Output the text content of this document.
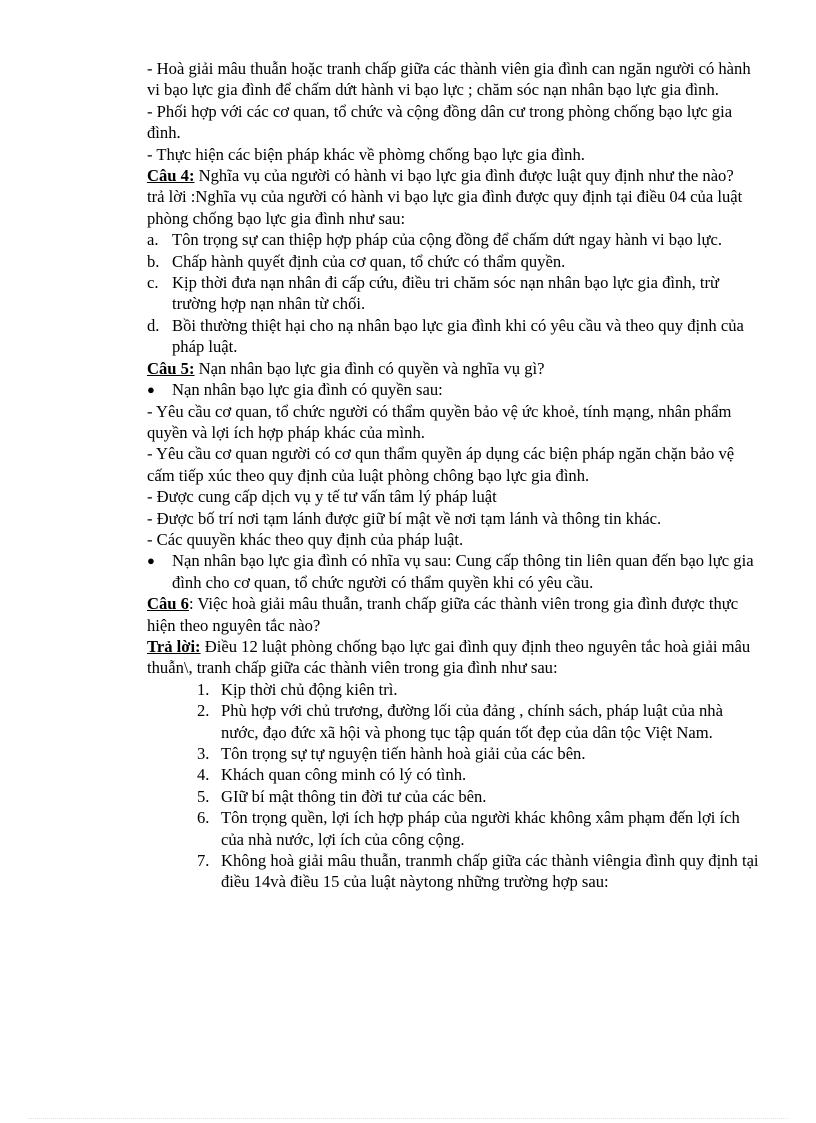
- Hoà giải mâu thuẫn hoặc tranh chấp giữa các thành viên gia đình can ngăn người có hành vi bạo lực gia đình để chấm dứt hành vi bạo lực ; chăm sóc nạn nhân bạo lực gia đình.

- Phối hợp với các cơ quan, tổ chức và cộng đồng dân cư trong phòng chống bạo lực gia đình.

- Thực hiện các biện pháp khác về phòmg chống bạo lực gia đình.

Câu 4: Nghĩa vụ của người có hành vi bạo lực gia đình được luật quy định như the nào?

trả lời :Nghĩa vụ của người có hành vi bạo lực gia đình được quy định tại điều 04 của luật phòng chống bạo lực gia đình như sau:

a. Tôn trọng sự can thiệp hợp pháp của cộng đồng để chấm dứt ngay hành vi bạo lực.
b. Chấp hành quyết định của cơ quan, tổ chức có thẩm quyền.
c. Kịp thời đưa nạn nhân đi cấp cứu, điều tri chăm sóc nạn nhân bạo lực gia đình, trừ trường hợp nạn nhân từ chối.
d. Bồi thường thiệt hại cho nạ nhân bạo lực gia đình khi có yêu cầu và theo quy định của pháp luật.

Câu 5: Nạn nhân bạo lực gia đình có quyền và nghĩa vụ gì?

● Nạn nhân bạo lực gia đình có quyền sau:

- Yêu cầu cơ quan, tổ chức người có thẩm quyền bảo vệ ức khoẻ, tính mạng, nhân phẩm quyền và lợi ích hợp pháp khác của mình.

- Yêu cầu cơ quan người có cơ qun thẩm quyền áp dụng các biện pháp ngăn chặn bảo vệ cấm tiếp xúc theo quy định của luật phòng chông bạo lực gia đình.

- Được cung cấp dịch vụ y tế tư vấn tâm lý pháp luật

- Được bố trí nơi tạm lánh được giữ bí mật về nơi tạm lánh và thông tin khác.

- Các quuyền khác theo quy định của pháp luật.

● Nạn nhân bạo lực gia đình có nhĩa vụ sau: Cung cấp thông tin liên quan đến bạo lực gia đình cho cơ quan, tổ chức người có thẩm quyền khi có yêu cầu.

Câu 6: Việc hoà giải mâu thuẫn, tranh chấp giữa các thành viên trong gia đình được thực hiện theo nguyên tắc nào?

Trả lời: Điều 12 luật phòng chống bạo lực gai đình quy định theo nguyên tắc hoà giải mâu thuẫn\, tranh chấp giữa các thành viên trong gia đình như sau:

1. Kịp thời chủ động kiên trì.
2. Phù hợp với chủ trương, đường lối của đảng , chính sách, pháp luật của nhà nước, đạo đức xã hội và phong tục tập quán tốt đẹp của dân tộc Việt Nam.
3. Tôn trọng sự tự nguyện tiến hành hoà giải của các bên.
4. Khách quan công minh có lý có tình.
5. GIữ bí mật thông tin đời tư của các bên.
6. Tôn trọng quền, lợi ích hợp pháp của người khác không xâm phạm đến lợi ích của nhà nước, lợi ích của công cộng.
7. Không hoà giải mâu thuẫn, tranmh chấp giữa các thành viêngia đình quy định tại điều 14và điều 15 của luật nàytong những trường hợp sau:
